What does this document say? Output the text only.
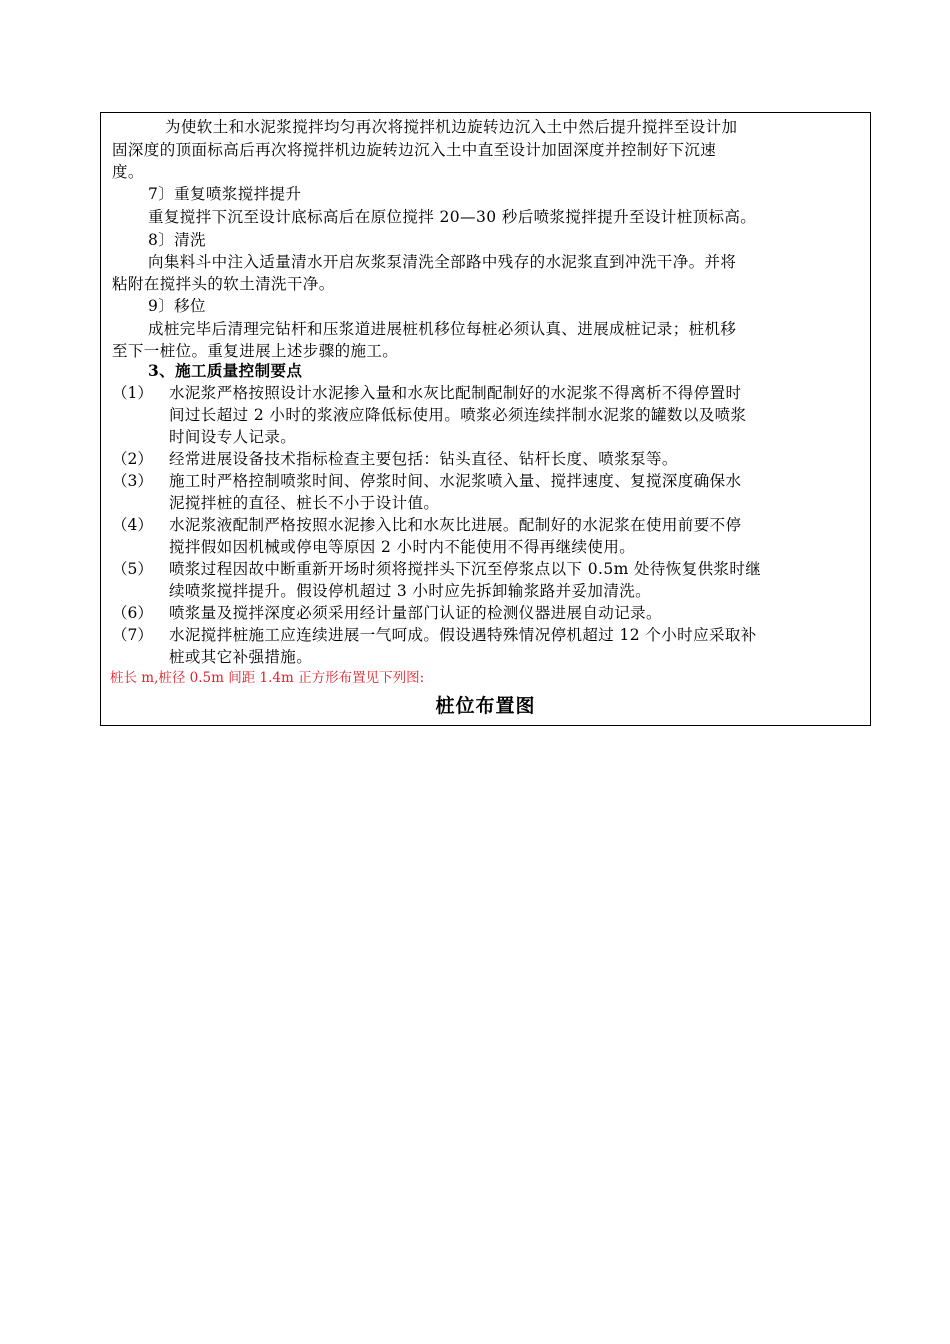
为使软土和水泥浆搅拌均匀再次将搅拌机边旋转边沉入土中然后提升搅拌至设计加
固深度的顶面标高后再次将搅拌机边旋转边沉入土中直至设计加固深度并控制好下沉速
度。
7〕重复喷浆搅拌提升
重复搅拌下沉至设计底标高后在原位搅拌 20—30 秒后喷浆搅拌提升至设计桩顶标高。
8〕清洗
向集料斗中注入适量清水开启灰浆泵清洗全部路中残存的水泥浆直到冲洗干净。并将
粘附在搅拌头的软土清洗干净。
9〕移位
成桩完毕后清理完钻杆和压浆道进展桩机移位每桩必须认真、进展成桩记录；桩机移
至下一桩位。重复进展上述步骤的施工。
3、施工质量控制要点
（1） 水泥浆严格按照设计水泥掺入量和水灰比配制配制好的水泥浆不得离析不得停置时
间过长超过 2 小时的浆液应降低标使用。喷浆必须连续拌制水泥浆的罐数以及喷浆
时间设专人记录。
（2） 经常进展设备技术指标检查主要包括：钻头直径、钻杆长度、喷浆泵等。
（3） 施工时严格控制喷浆时间、停浆时间、水泥浆喷入量、搅拌速度、复搅深度确保水
泥搅拌桩的直径、桩长不小于设计值。
（4） 水泥浆液配制严格按照水泥掺入比和水灰比进展。配制好的水泥浆在使用前要不停
搅拌假如因机械或停电等原因 2 小时内不能使用不得再继续使用。
（5） 喷浆过程因故中断重新开场时须将搅拌头下沉至停浆点以下 0.5m 处待恢复供浆时继
续喷浆搅拌提升。假设停机超过 3 小时应先拆卸输浆路并妥加清洗。
（6） 喷浆量及搅拌深度必须采用经计量部门认证的检测仪器进展自动记录。
（7） 水泥搅拌桩施工应连续进展一气呵成。假设遇特殊情况停机超过 12 个小时应采取补
桩或其它补强措施。
桩长 m,桩径 0.5m 间距 1.4m 正方形布置见下列图:
桩位布置图
